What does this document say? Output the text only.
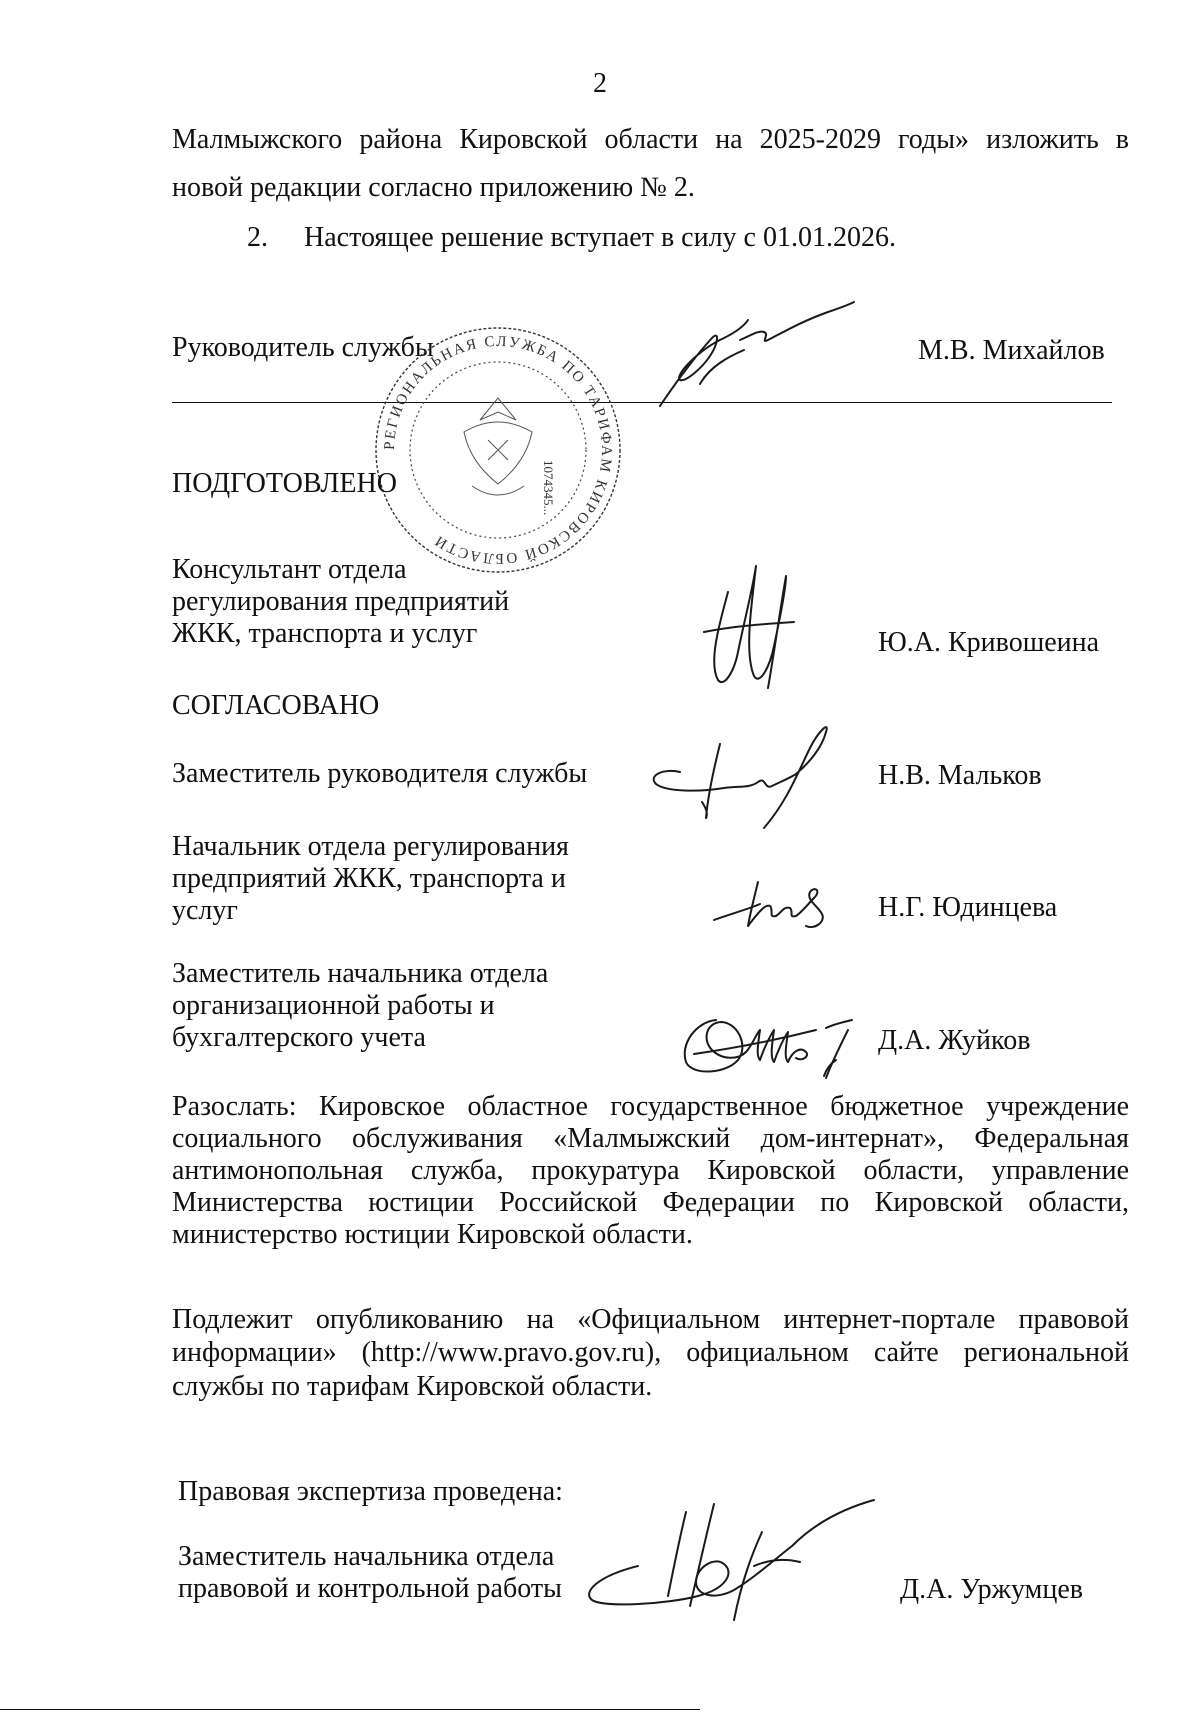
2
Малмыжского района Кировской области на 2025-2029 годы» изложить в
новой редакции согласно приложению № 2.
2. Настоящее решение вступает в силу с 01.01.2026.
Руководитель службы	М.В. Михайлов
РЕГИОНАЛЬНАЯ СЛУЖБА ПО ТАРИФАМ КИРОВСКОЙ ОБЛАСТИ
1074345...
ПОДГОТОВЛЕНО
Консультант отдела
регулирования предприятий
ЖКК, транспорта и услуг	Ю.А. Кривошеина
СОГЛАСОВАНО
Заместитель руководителя службы	Н.В. Мальков
Начальник отдела регулирования
предприятий ЖКК, транспорта и
услуг	Н.Г. Юдинцева
Заместитель начальника отдела
организационной работы и
бухгалтерского учета	Д.А. Жуйков
Разослать: Кировское областное государственное бюджетное учреждение
социального обслуживания «Малмыжский дом-интернат», Федеральная
антимонопольная служба, прокуратура Кировской области, управление
Министерства юстиции Российской Федерации по Кировской области,
министерство юстиции Кировской области.
Подлежит опубликованию на «Официальном интернет-портале правовой
информации» (http://www.pravo.gov.ru), официальном сайте региональной
службы по тарифам Кировской области.
Правовая экспертиза проведена:
Заместитель начальника отдела
правовой и контрольной работы	Д.А. Уржумцев
